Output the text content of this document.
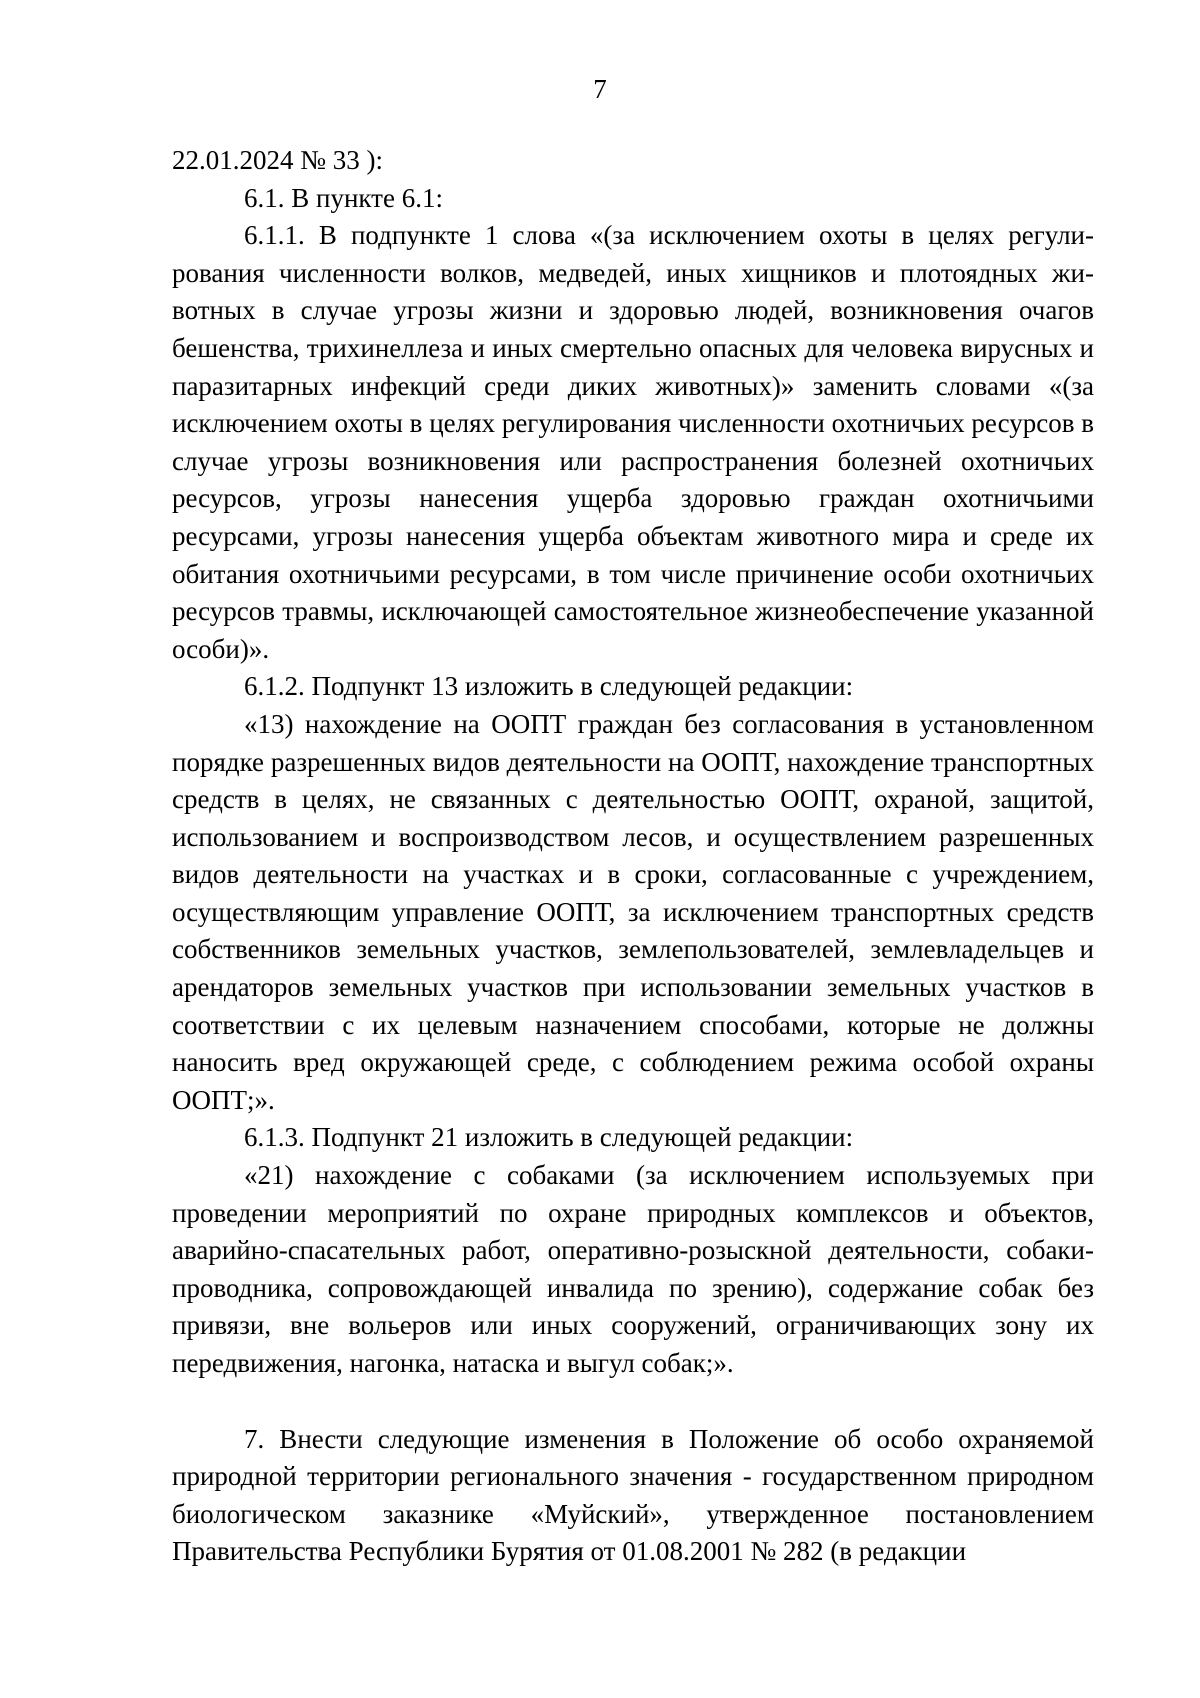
7

22.01.2024 № 33 ):

6.1. В пункте 6.1:

6.1.1. В подпункте 1 слова «(за исключением охоты в целях регулирования численности волков, медведей, иных хищников и плотоядных животных в случае угрозы жизни и здоровью людей, возникновения очагов бешенства, трихинеллеза и иных смертельно опасных для человека вирусных и паразитарных инфекций среди диких животных)» заменить словами «(за исключением охоты в целях регулирования численности охотничьих ресурсов в случае угрозы возникновения или распространения болезней охотничьих ресурсов, угрозы нанесения ущерба здоровью граждан охотничьими ресурсами, угрозы нанесения ущерба объектам животного мира и среде их обитания охотничьими ресурсами, в том числе причинение особи охотничьих ресурсов травмы, исключающей самостоятельное жизнеобеспечение указанной особи)».

6.1.2. Подпункт 13 изложить в следующей редакции:

«13) нахождение на ООПТ граждан без согласования в установленном порядке разрешенных видов деятельности на ООПТ, нахождение транспортных средств в целях, не связанных с деятельностью ООПТ, охраной, защитой, использованием и воспроизводством лесов, и осуществлением разрешенных видов деятельности на участках и в сроки, согласованные с учреждением, осуществляющим управление ООПТ, за исключением транспортных средств собственников земельных участков, землепользователей, землевладельцев и арендаторов земельных участков при использовании земельных участков в соответствии с их целевым назначением способами, которые не должны наносить вред окружающей среде, с соблюдением режима особой охраны ООПТ;».

6.1.3. Подпункт 21 изложить в следующей редакции:

«21) нахождение с собаками (за исключением используемых при проведении мероприятий по охране природных комплексов и объектов, аварийно-спасательных работ, оперативно-розыскной деятельности, собаки-проводника, сопровождающей инвалида по зрению), содержание собак без привязи, вне вольеров или иных сооружений, ограничивающих зону их передвижения, нагонка, натаска и выгул собак;».

7. Внести следующие изменения в Положение об особо охраняемой природной территории регионального значения - государственном природном биологическом заказнике «Муйский», утвержденное постановлением Правительства Республики Бурятия от 01.08.2001 № 282 (в редакции
